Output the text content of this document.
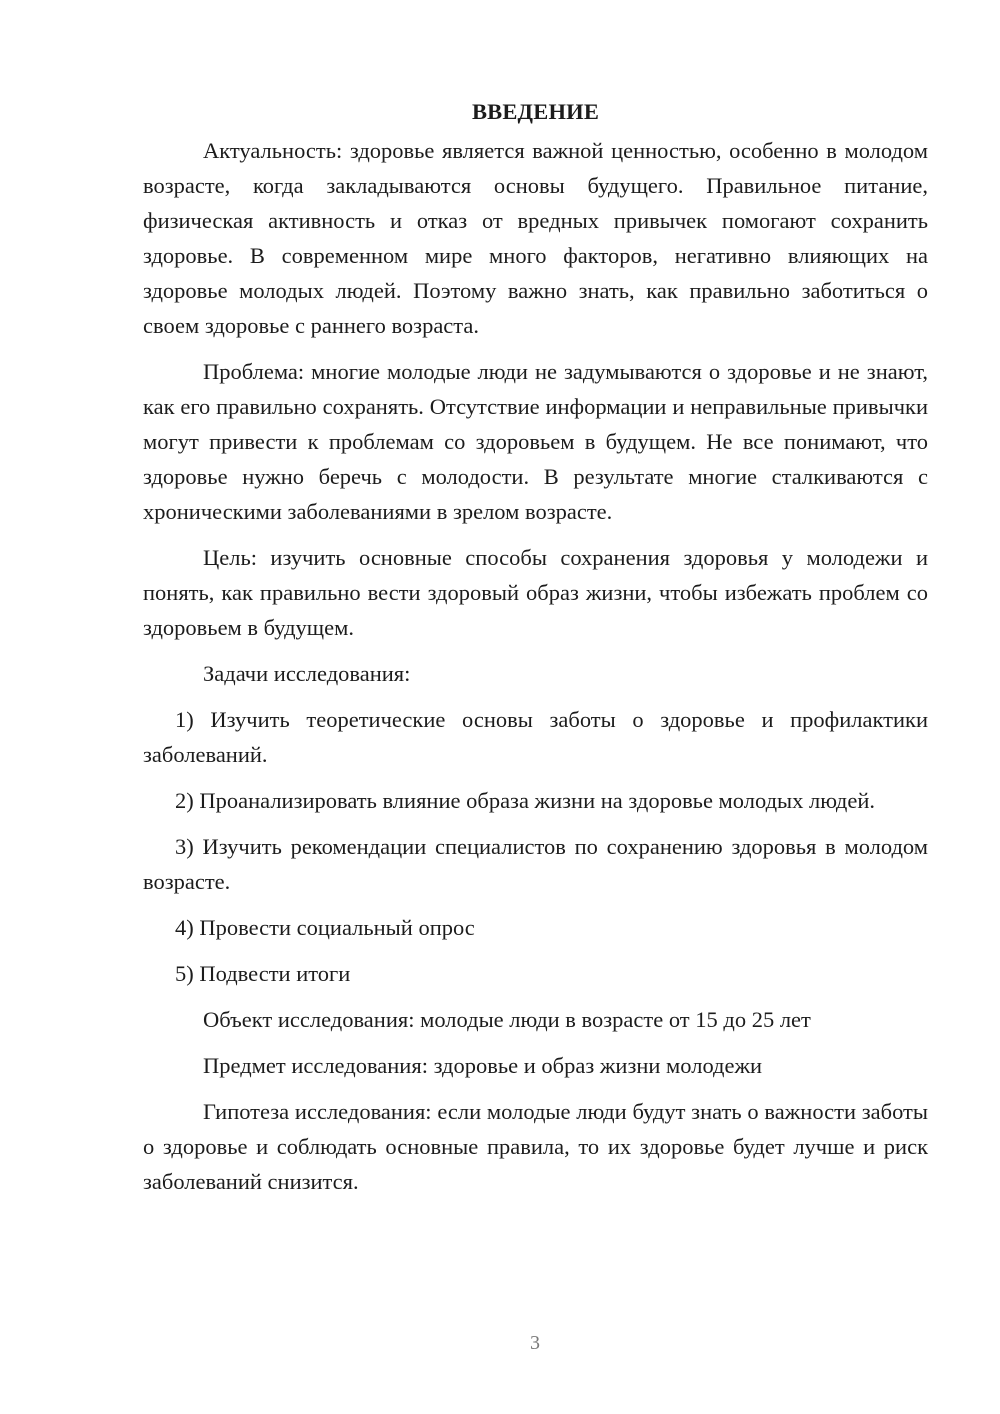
ВВЕДЕНИЕ

Актуальность: здоровье является важной ценностью, особенно в молодом возрасте, когда закладываются основы будущего. Правильное питание, физическая активность и отказ от вредных привычек помогают сохранить здоровье. В современном мире много факторов, негативно влияющих на здоровье молодых людей. Поэтому важно знать, как правильно заботиться о своем здоровье с раннего возраста.

Проблема: многие молодые люди не задумываются о здоровье и не знают, как его правильно сохранять. Отсутствие информации и неправильные привычки могут привести к проблемам со здоровьем в будущем. Не все понимают, что здоровье нужно беречь с молодости. В результате многие сталкиваются с хроническими заболеваниями в зрелом возрасте.

Цель: изучить основные способы сохранения здоровья у молодежи и понять, как правильно вести здоровый образ жизни, чтобы избежать проблем со здоровьем в будущем.

Задачи исследования:

1) Изучить теоретические основы заботы о здоровье и профилактики заболеваний.

2) Проанализировать влияние образа жизни на здоровье молодых людей.

3) Изучить рекомендации специалистов по сохранению здоровья в молодом возрасте.

4) Провести социальный опрос

5) Подвести итоги

Объект исследования: молодые люди в возрасте от 15 до 25 лет

Предмет исследования: здоровье и образ жизни молодежи

Гипотеза исследования: если молодые люди будут знать о важности заботы о здоровье и соблюдать основные правила, то их здоровье будет лучше и риск заболеваний снизится.

3
